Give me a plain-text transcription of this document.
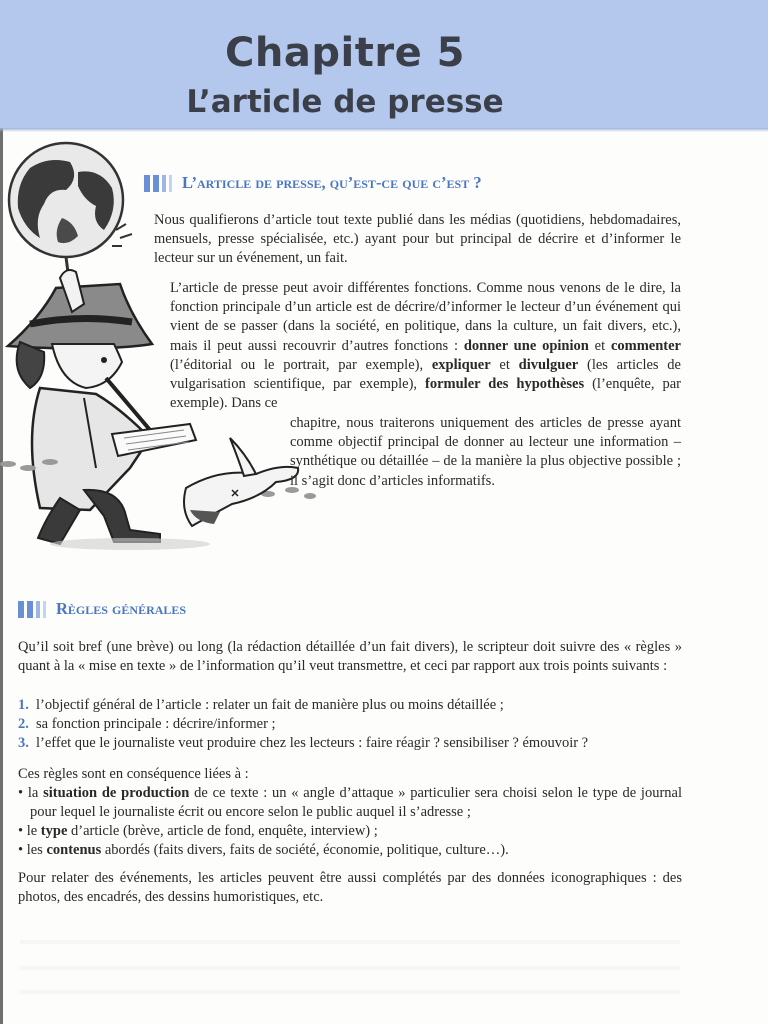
Chapitre 5
L’article de presse
L’article de presse, qu’est-ce que c’est ?

Nous qualifierons d’article tout texte publié dans les médias (quotidiens, hebdomadaires, mensuels, presse spécialisée, etc.) ayant pour but principal de décrire et d’informer le lecteur sur un événement, un fait.

L’article de presse peut avoir différentes fonctions. Comme nous venons de le dire, la fonction principale d’un article est de décrire/d’informer le lecteur d’un événement qui vient de se passer (dans la société, en politique, dans la culture, un fait divers, etc.), mais il peut aussi recouvrir d’autres fonctions : donner une opinion et commenter (l’éditorial ou le portrait, par exemple), expliquer et divulguer (les articles de vulgarisation scientifique, par exemple), formuler des hypothèses (l’enquête, par exemple). Dans ce

chapitre, nous traiterons uniquement des articles de presse ayant comme objectif principal de donner au lecteur une information – synthétique ou détaillée – de la manière la plus objective possible ; il s’agit donc d’articles informatifs.

Règles générales

Qu’il soit bref (une brève) ou long (la rédaction détaillée d’un fait divers), le scripteur doit suivre des « règles » quant à la « mise en texte » de l’information qu’il veut transmettre, et ceci par rapport aux trois points suivants :

1. l’objectif général de l’article : relater un fait de manière plus ou moins détaillée ;
2. sa fonction principale : décrire/informer ;
3. l’effet que le journaliste veut produire chez les lecteurs : faire réagir ? sensibiliser ? émouvoir ?

Ces règles sont en conséquence liées à :

• la situation de production de ce texte : un « angle d’attaque » particulier sera choisi selon le type de journal pour lequel le journaliste écrit ou encore selon le public auquel il s’adresse ;
• le type d’article (brève, article de fond, enquête, interview) ;
• les contenus abordés (faits divers, faits de société, économie, politique, culture…).

Pour relater des événements, les articles peuvent être aussi complétés par des données iconographiques : des photos, des encadrés, des dessins humoristiques, etc.
